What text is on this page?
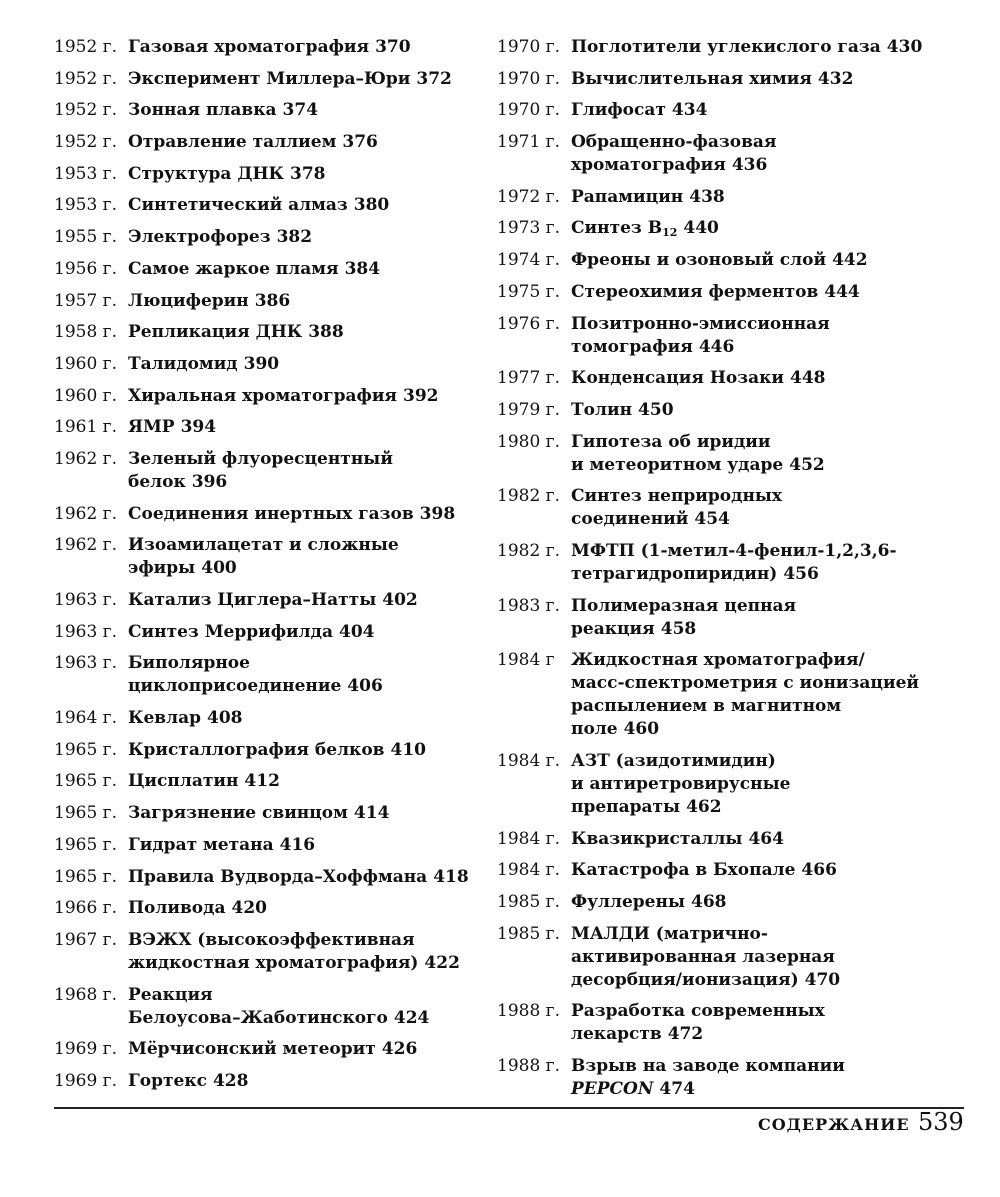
1952 г. Газовая хроматография 370
1952 г. Эксперимент Миллера–Юри 372
1952 г. Зонная плавка 374
1952 г. Отравление таллием 376
1953 г. Структура ДНК 378
1953 г. Синтетический алмаз 380
1955 г. Электрофорез 382
1956 г. Самое жаркое пламя 384
1957 г. Люциферин 386
1958 г. Репликация ДНК 388
1960 г. Талидомид 390
1960 г. Хиральная хроматография 392
1961 г. ЯМР 394
1962 г. Зеленый флуоресцентный
белок 396
1962 г. Соединения инертных газов 398
1962 г. Изоамилацетат и сложные
эфиры 400
1963 г. Катализ Циглера–Натты 402
1963 г. Синтез Меррифилда 404
1963 г. Биполярное
циклоприсоединение 406
1964 г. Кевлар 408
1965 г. Кристаллография белков 410
1965 г. Цисплатин 412
1965 г. Загрязнение свинцом 414
1965 г. Гидрат метана 416
1965 г. Правила Вудворда–Хоффмана 418
1966 г. Поливода 420
1967 г. ВЭЖХ (высокоэффективная
жидкостная хроматография) 422
1968 г. Реакция
Белоусова–Жаботинского 424
1969 г. Мёрчисонский метеорит 426
1969 г. Гортекс 428
1970 г. Поглотители углекислого газа 430
1970 г. Вычислительная химия 432
1970 г. Глифосат 434
1971 г. Обращенно-фазовая
хроматография 436
1972 г. Рапамицин 438
1973 г. Синтез $B_{12}$ 440
1974 г. Фреоны и озоновый слой 442
1975 г. Стереохимия ферментов 444
1976 г. Позитронно-эмиссионная
томография 446
1977 г. Конденсация Нозаки 448
1979 г. Толин 450
1980 г. Гипотеза об иридии
и метеоритном ударе 452
1982 г. Синтез неприродных
соединений 454
1982 г. МФТП (1-метил-4-фенил-1,2,3,6-
тетрагидропиридин) 456
1983 г. Полимеразная цепная
реакция 458
1984 г Жидкостная хроматография/
масс-спектрометрия с ионизацией
распылением в магнитном
поле 460
1984 г. АЗТ (азидотимидин)
и антиретровирусные
препараты 462
1984 г. Квазикристаллы 464
1984 г. Катастрофа в Бхопале 466
1985 г. Фуллерены 468
1985 г. МАЛДИ (матрично-
активированная лазерная
десорбция/ионизация) 470
1988 г. Разработка современных
лекарств 472
1988 г. Взрыв на заводе компании
PEPCON 474
СОДЕРЖАНИЕ 539
